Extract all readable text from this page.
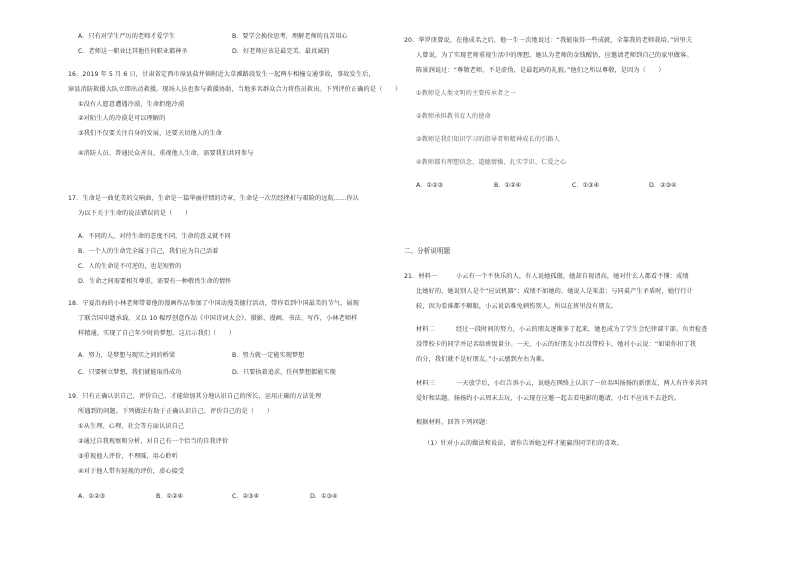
A．只有对学生严厉的老师才爱学生	B．要学会换位思考，理解老师的良苦用心
C．老师这一职业比其他任何职业都神圣	D．好老师应该是最完美、最真诚的
16．2019 年 5 月 6 日，甘肃省定西市漳县盐井镇附近大草滩路段发生一起两车相撞交通事故，事故发生后，
漳县消防救援大队立即出动救援，现场人员也参与救援协助，当地多名群众合力将伤员救出。下列评价正确的是（　　）
①没有人愿意遭遇冷漠，生命拒绝冷漠
②对陌生人的冷漠是可以理解的
③我们不仅要关注自身的发展，还要关切他人的生命
④消防人员、普通民众善良、重视他人生命，需要我们共同参与
17．生命是一曲优美的交响曲，生命是一篇华丽抒情的诗章，生命是一次历经挫折与艰险的远航……你认
为以下关于生命的说法错误的是（　　）
A．不同的人，对待生命的态度不同，生命的意义就不同
B．一个人的生命完全属于自己，我们应为自己活着
C．人的生命是不可逆的，也是短暂的
D．生命之间需要相互尊重，需要有一种敬畏生命的情怀
18．宁夏沿海的小林老师带着他的漫画作品参加了中国动漫美德行活动，带你看到中国最美的节气，展现
了联合国申遗承载，又以 10 幅厚创意作品《中国诗词大会》、摄影、漫画、书法、写作，小林老师样
样精通，实现了自己年少时的梦想。这启示我们（　　）
A．努力，是梦想与现实之间的桥梁	B．努力就一定能实现梦想
C．只要树立梦想，我们就能取得成功	D．只要执着追求，任何梦想都能实现
19．只有正确认识自己，评价自己，才能给加其分地认识自己的所长，运用正确的方法处理
所遇到的问题。下列做法有助于正确认识自己、评价自己的是（　　）
①从生理、心理、社会等方面认识自己
②通过自我观察和分析，对自己有一个恰当的自我评价
③重视他人评价，不理睬，用心聆听
④对于他人带有轻视的评价，虚心接受
A．①②③	B．①②④	C．②③④	D．①③④
20．华罗庚曾说，在他成名之后，他一生一次地说过：“我能取得一些成就，全靠我的老师栽培。”居里夫
人曾说，为了实现老师重视生活中的理想，她认为老师的金钱醒悟，应邀请老师到自己的家里做客。
陈景润说过：“尊敬老师，不是虚伪，是最起码的礼貌。”他们之所以尊敬，是因为（　　）
①教师是人类文明的主要传承者之一
②教师承担教书育人的使命
③教师是我们知识学习的指导者和精神成长的引路人
④教师都有理想信念、道德情操、扎实学识、仁爱之心
A．①②③	B．①②④	C．①③④	D．②③④
二、分析说明题
21．材料一	小云有一个不快乐的人，有人说她孤傲，她却自视清高，她对什么人都看不懂：成绩
比她好的，她说别人是个“应试机器”；成绩不如她的，她说人是笨蛋；与同桌产生矛盾时，她行行计
较，因为看谁都不顺眼，小云说话难免刺伤别人，所以在班里没有朋友。
材料二	经过一段时间的努力，小云的朋友逐渐多了起来，她也成为了学生会纪律部干部，负责检查
没带校卡的同学并记名给班级量分。一天，小云的好朋友小红没带校卡，她对小云说：“如果你扣了我
的分，我们就不是好朋友。”小云感到左右为难。
材料三	一天放学后，小红告诉小云，说她在网络上认识了一位名叫扬扬的新朋友，两人有许多共同
爱好和话题。扬扬约小云周末去玩，小云现在应邀一起去看电影的邀请，小红不应该不去赴约。
根据材料，回答下列问题：
（1）针对小云的做法和说法，请你告诉她怎样才能赢得同学们的喜欢。
